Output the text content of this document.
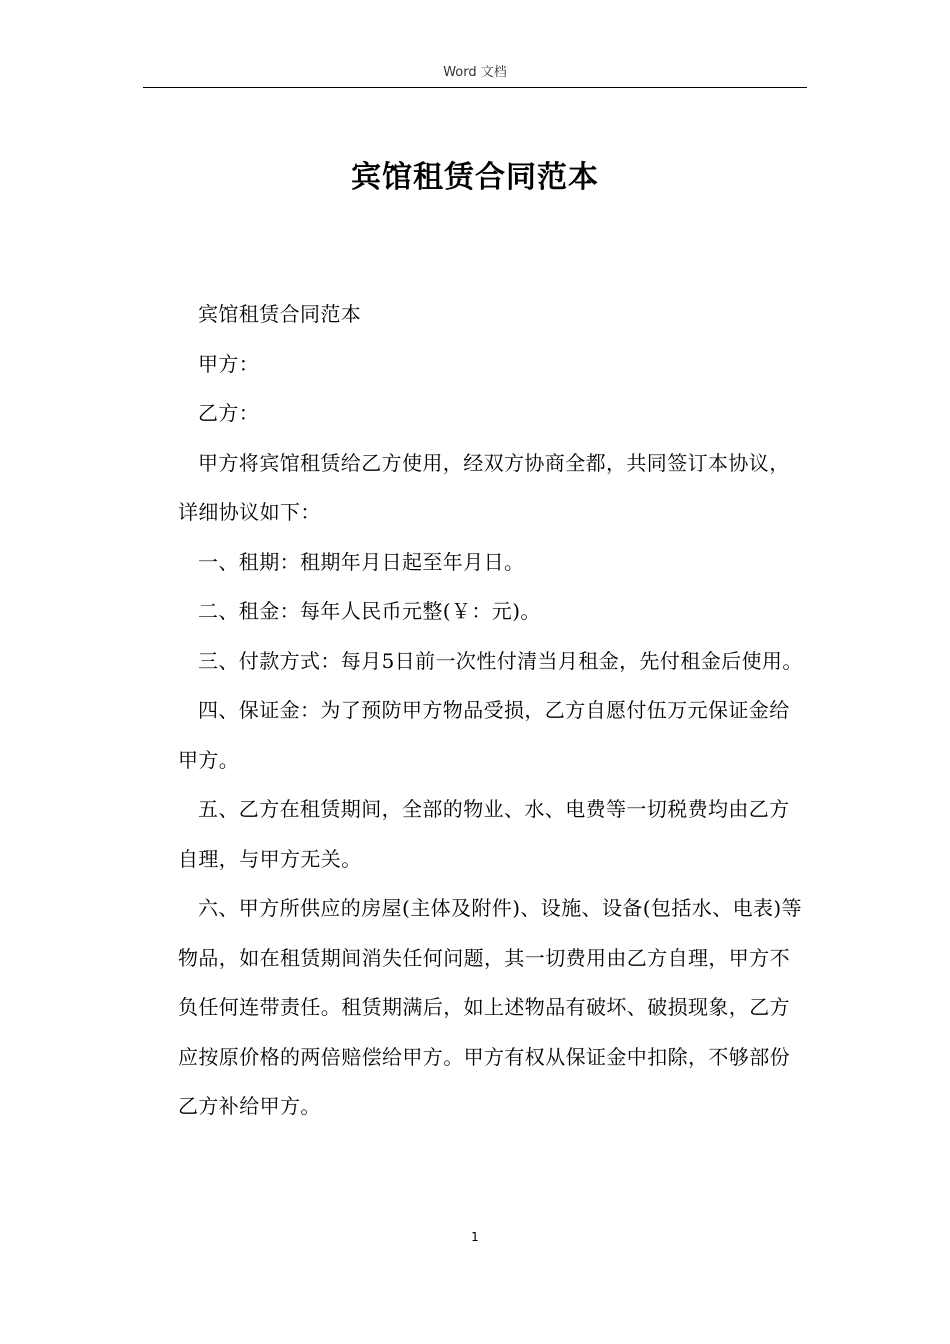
Word 文档
宾馆租赁合同范本

宾馆租赁合同范本

甲方：

乙方：

甲方将宾馆租赁给乙方使用，经双方协商全都，共同签订本协议，详细协议如下：

一、租期：租期年月日起至年月日。

二、租金：每年人民币元整(￥：元)。

三、付款方式：每月5日前一次性付清当月租金，先付租金后使用。

四、保证金：为了预防甲方物品受损，乙方自愿付伍万元保证金给甲方。

五、乙方在租赁期间，全部的物业、水、电费等一切税费均由乙方自理，与甲方无关。

六、甲方所供应的房屋(主体及附件)、设施、设备(包括水、电表)等物品，如在租赁期间消失任何问题，其一切费用由乙方自理，甲方不负任何连带责任。租赁期满后，如上述物品有破坏、破损现象，乙方应按原价格的两倍赔偿给甲方。甲方有权从保证金中扣除，不够部份乙方补给甲方。

1
